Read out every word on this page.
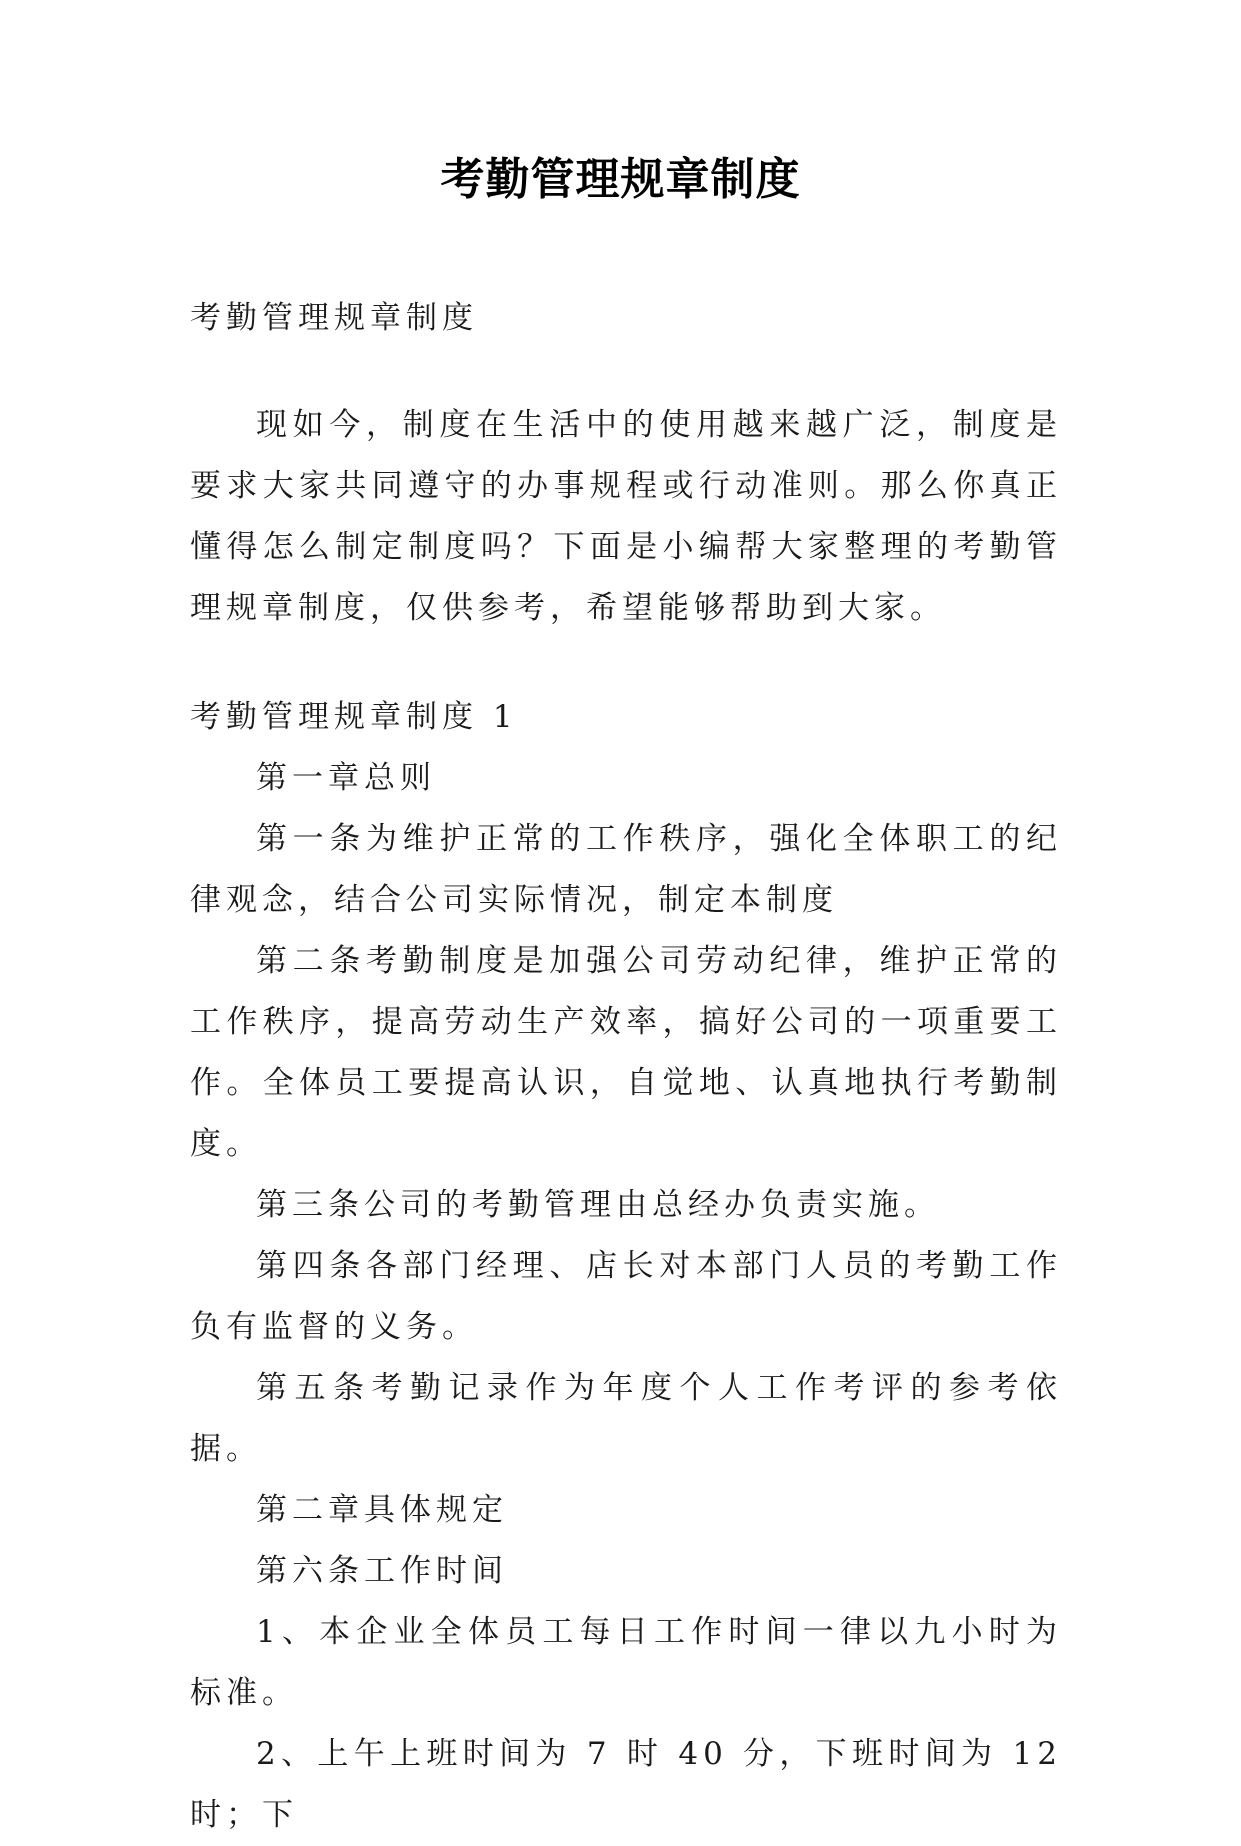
考勤管理规章制度

考勤管理规章制度

现如今，制度在生活中的使用越来越广泛，制度是要求大家共同遵守的办事规程或行动准则。那么你真正懂得怎么制定制度吗？下面是小编帮大家整理的考勤管理规章制度，仅供参考，希望能够帮助到大家。

考勤管理规章制度 1

第一章总则

第一条为维护正常的工作秩序，强化全体职工的纪律观念，结合公司实际情况，制定本制度

第二条考勤制度是加强公司劳动纪律，维护正常的工作秩序，提高劳动生产效率，搞好公司的一项重要工作。全体员工要提高认识，自觉地、认真地执行考勤制度。

第三条公司的考勤管理由总经办负责实施。

第四条各部门经理、店长对本部门人员的考勤工作负有监督的义务。

第五条考勤记录作为年度个人工作考评的参考依据。

第二章具体规定

第六条工作时间

1、本企业全体员工每日工作时间一律以九小时为标准。

2、上午上班时间为 7 时 40 分，下班时间为 12 时；下
